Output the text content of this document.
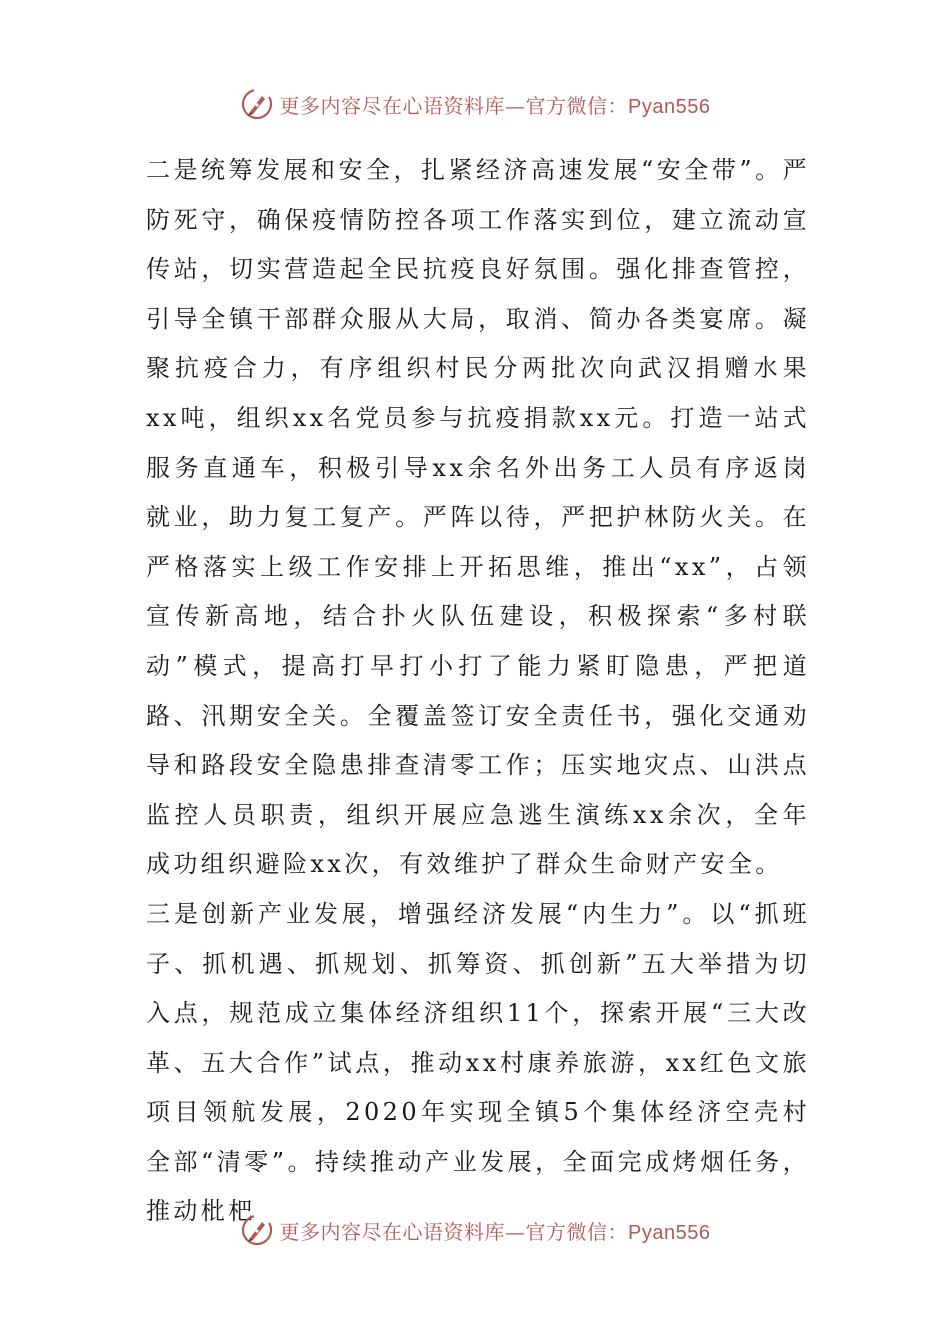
更多内容尽在心语资料库—官方微信：Pyan556

二是统筹发展和安全，扎紧经济高速发展“安全带”。严防死守，确保疫情防控各项工作落实到位，建立流动宣传站，切实营造起全民抗疫良好氛围。强化排查管控，引导全镇干部群众服从大局，取消、简办各类宴席。凝聚抗疫合力，有序组织村民分两批次向武汉捐赠水果xx吨，组织xx名党员参与抗疫捐款xx元。打造一站式服务直通车，积极引导xx余名外出务工人员有序返岗就业，助力复工复产。严阵以待，严把护林防火关。在严格落实上级工作安排上开拓思维，推出“xx”，占领宣传新高地，结合扑火队伍建设，积极探索“多村联动”模式，提高打早打小打了能力紧盯隐患，严把道路、汛期安全关。全覆盖签订安全责任书，强化交通劝导和路段安全隐患排查清零工作；压实地灾点、山洪点监控人员职责，组织开展应急逃生演练xx余次，全年成功组织避险xx次，有效维护了群众生命财产安全。

三是创新产业发展，增强经济发展“内生力”。以“抓班子、抓机遇、抓规划、抓筹资、抓创新”五大举措为切入点，规范成立集体经济组织11个，探索开展“三大改革、五大合作”试点，推动xx村康养旅游，xx红色文旅项目领航发展，2020年实现全镇5个集体经济空壳村全部“清零”。持续推动产业发展，全面完成烤烟任务，推动枇杷

更多内容尽在心语资料库—官方微信：Pyan556
